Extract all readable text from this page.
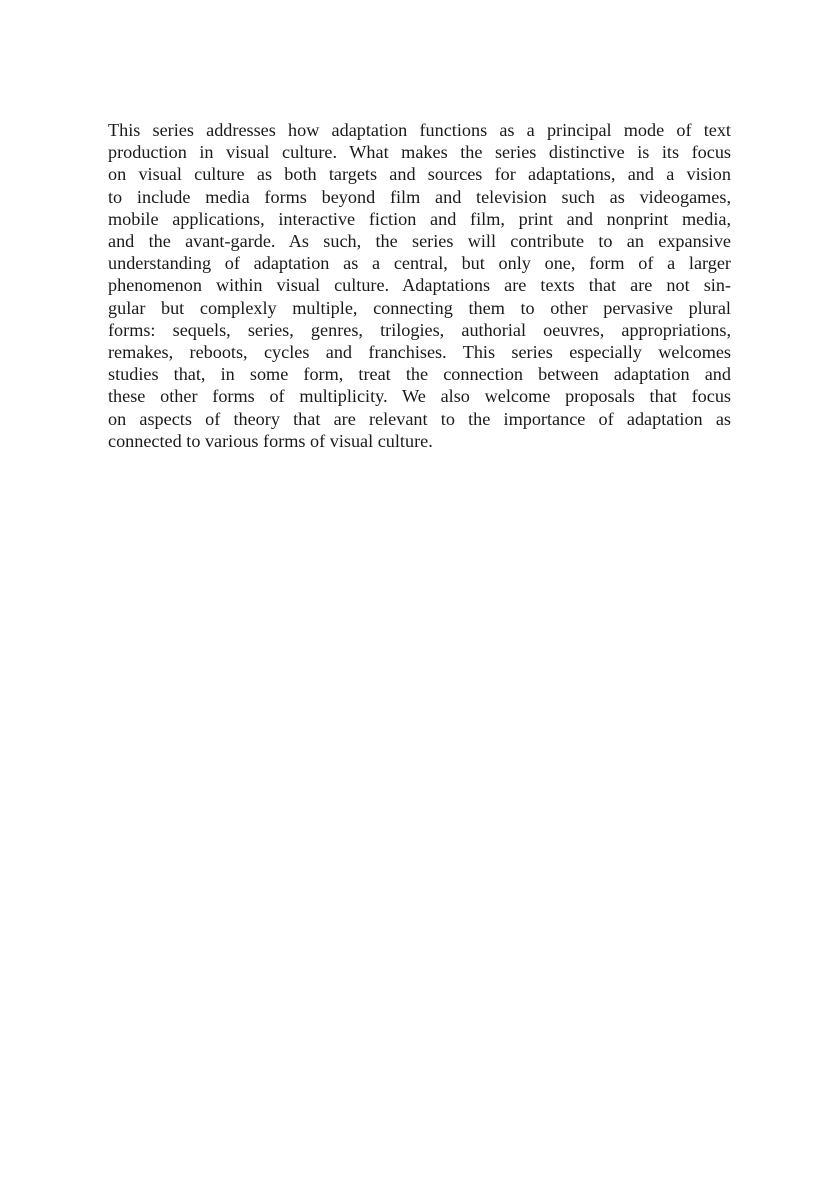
This series addresses how adaptation functions as a principal mode of text
production in visual culture. What makes the series distinctive is its focus
on visual culture as both targets and sources for adaptations, and a vision
to include media forms beyond film and television such as videogames,
mobile applications, interactive fiction and film, print and nonprint media,
and the avant-garde. As such, the series will contribute to an expansive
understanding of adaptation as a central, but only one, form of a larger
phenomenon within visual culture. Adaptations are texts that are not sin-
gular but complexly multiple, connecting them to other pervasive plural
forms: sequels, series, genres, trilogies, authorial oeuvres, appropriations,
remakes, reboots, cycles and franchises. This series especially welcomes
studies that, in some form, treat the connection between adaptation and
these other forms of multiplicity. We also welcome proposals that focus
on aspects of theory that are relevant to the importance of adaptation as
connected to various forms of visual culture.
